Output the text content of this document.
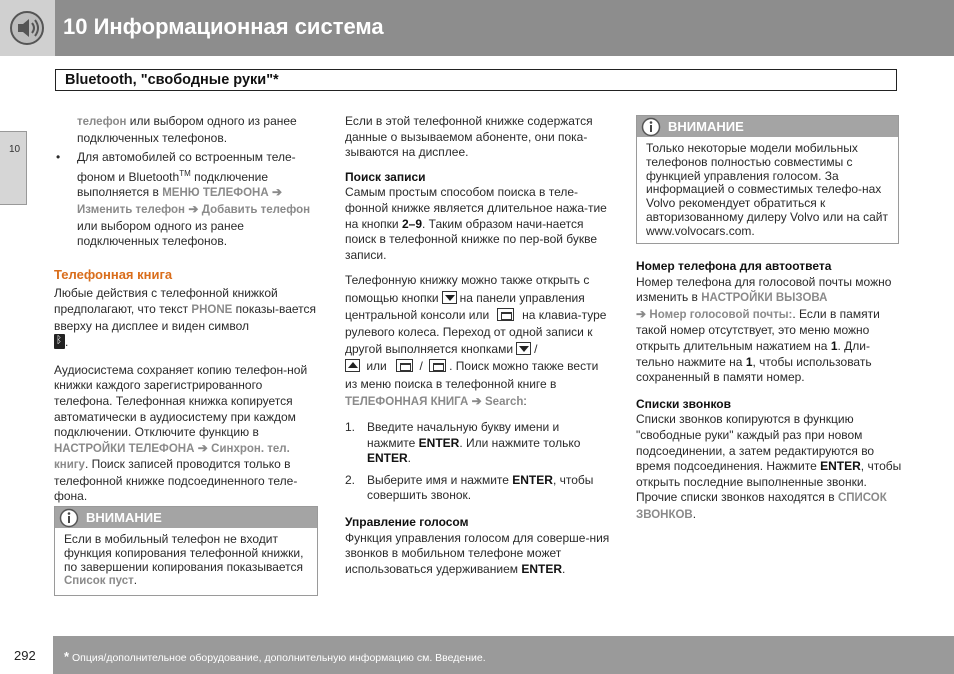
10 Информационная система
Bluetooth, "свободные руки"*
10

телефон или выбором одного из ранее подключенных телефонов.

• Для автомобилей со встроенным теле-фоном и Bluetooth™ подключение выполняется в МЕНЮ ТЕЛЕФОНА ➔
Изменить телефон ➔ Добавить телефон или выбором одного из ранее подключенных телефонов.

Телефонная книга

Любые действия с телефонной книжкой предполагают, что текст PHONE показы-вается вверху на дисплее и виден символ
ᛒ.

Аудиосистема сохраняет копию телефон-ной книжки каждого зарегистрированного телефона. Телефонная книжка копируется автоматически в аудиосистему при каждом подключении. Отключите функцию в НАСТРОЙКИ ТЕЛЕФОНА ➔ Синхрон. тел. книгу. Поиск записей проводится только в телефонной книжке подсоединенного теле-фона.

ВНИМАНИЕ
Если в мобильный телефон не входит функция копирования телефонной книжки, по завершении копирования показывается Список пуст.

Если в этой телефонной книжке содержатся данные о вызываемом абоненте, они пока-зываются на дисплее.

Поиск записи

Самым простым способом поиска в теле-фонной книжке является длительное нажа-тие на кнопки 2–9. Таким образом начи-нается поиск в телефонной книжке по пер-вой букве записи.

Телефонную книжку можно также открыть с помощью кнопки на панели управления центральной консоли или	на клавиа-туре рулевого колеса. Переход от одной записи к другой выполняется кнопками /
или	/ . Поиск можно также вести из меню поиска в телефонной книге в ТЕЛЕФОННАЯ КНИГА ➔ Search:

1. Введите начальную букву имени и нажмите ENTER. Или нажмите только ENTER.
2. Выберите имя и нажмите ENTER, чтобы совершить звонок.

Управление голосом

Функция управления голосом для соверше-ния звонков в мобильном телефоне может использоваться удерживанием ENTER.

ВНИМАНИЕ
Только некоторые модели мобильных телефонов полностью совместимы с функцией управления голосом. За информацией о совместимых телефо-нах Volvo рекомендует обратиться к авторизованному дилеру Volvo или на сайт www.volvocars.com.

Номер телефона для автоответа

Номер телефона для голосовой почты можно изменить в НАСТРОЙКИ ВЫЗОВА
➔ Номер голосовой почты:. Если в памяти такой номер отсутствует, это меню можно открыть длительным нажатием на 1. Дли-тельно нажмите на 1, чтобы использовать сохраненный в памяти номер.

Списки звонков

Списки звонков копируются в функцию "свободные руки" каждый раз при новом подсоединении, а затем редактируются во время подсоединения. Нажмите ENTER, чтобы открыть последние выполненные звонки. Прочие списки звонков находятся в СПИСОК ЗВОНКОВ.

292 * Опция/дополнительное оборудование, дополнительную информацию см. Введение.
